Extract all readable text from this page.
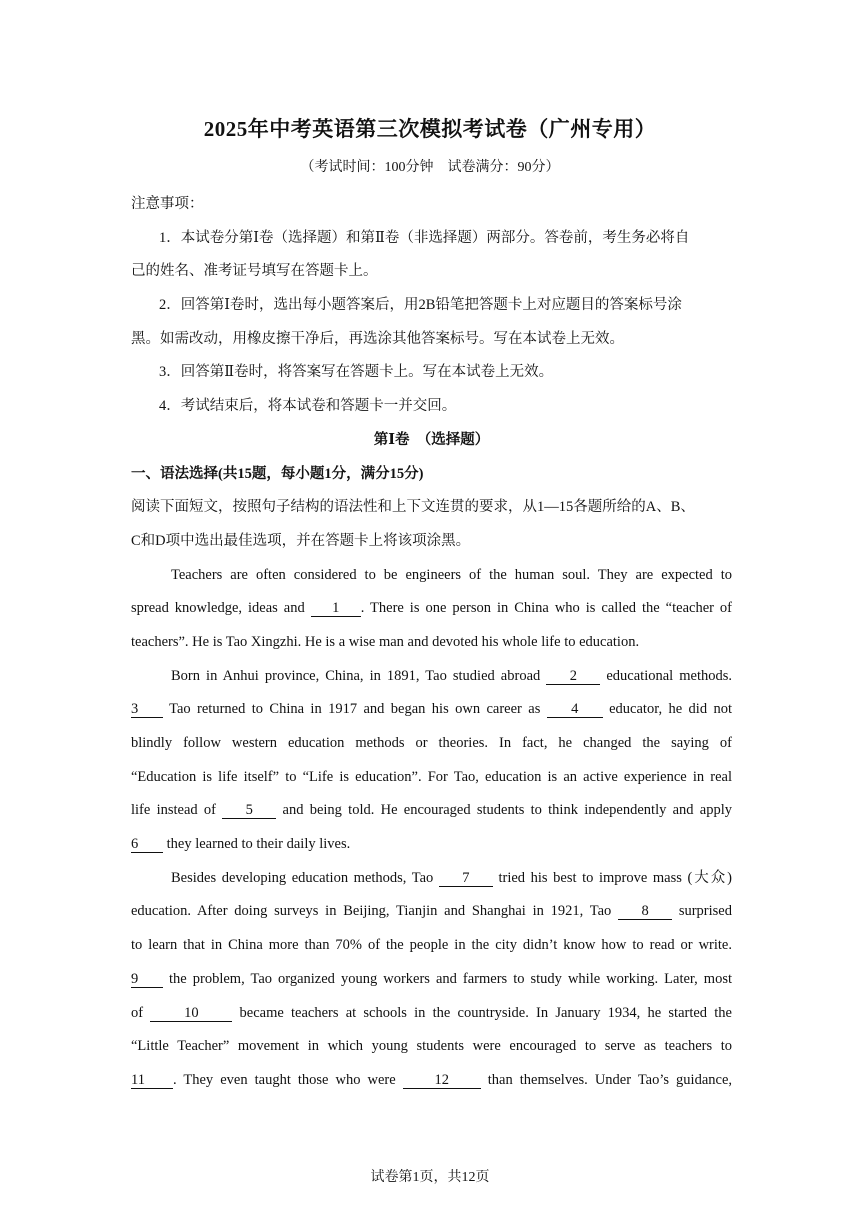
2025年中考英语第三次模拟考试卷（广州专用）
（考试时间：100分钟　试卷满分：90分）
注意事项：
1．本试卷分第Ⅰ卷（选择题）和第Ⅱ卷（非选择题）两部分。答卷前，考生务必将自
己的姓名、准考证号填写在答题卡上。
2．回答第Ⅰ卷时，选出每小题答案后，用2B铅笔把答题卡上对应题目的答案标号涂
黑。如需改动，用橡皮擦干净后，再选涂其他答案标号。写在本试卷上无效。
3．回答第Ⅱ卷时，将答案写在答题卡上。写在本试卷上无效。
4．考试结束后，将本试卷和答题卡一并交回。
第Ⅰ卷　（选择题）
一、语法选择(共15题，每小题1分，满分15分)
阅读下面短文，按照句子结构的语法性和上下文连贯的要求，从1—15各题所给的A、B、
C和D项中选出最佳选项，并在答题卡上将该项涂黑。
Teachers are often considered to be engineers of the human soul. They are expected to
spread knowledge, ideas and 1 . There is one person in China who is called the “teacher of
teachers”. He is Tao Xingzhi. He is a wise man and devoted his whole life to education.
Born in Anhui province, China, in 1891, Tao studied abroad 2 educational methods.
3 Tao returned to China in 1917 and began his own career as 4 educator, he did not
blindly follow western education methods or theories. In fact, he changed the saying of
“Education is life itself” to “Life is education”. For Tao, education is an active experience in real
life instead of 5 and being told. He encouraged students to think independently and apply
6 they learned to their daily lives.
Besides developing education methods, Tao 7 tried his best to improve mass (大众)
education. After doing surveys in Beijing, Tianjin and Shanghai in 1921, Tao 8 surprised
to learn that in China more than 70% of the people in the city didn’t know how to read or write.
9 the problem, Tao organized young workers and farmers to study while working. Later, most
of	10	became teachers at schools in the countryside. In January 1934, he started the
“Little Teacher” movement in which young students were encouraged to serve as teachers to
11 . They even taught those who were	12	than themselves. Under Tao’s guidance,
试卷第1页，共12页
